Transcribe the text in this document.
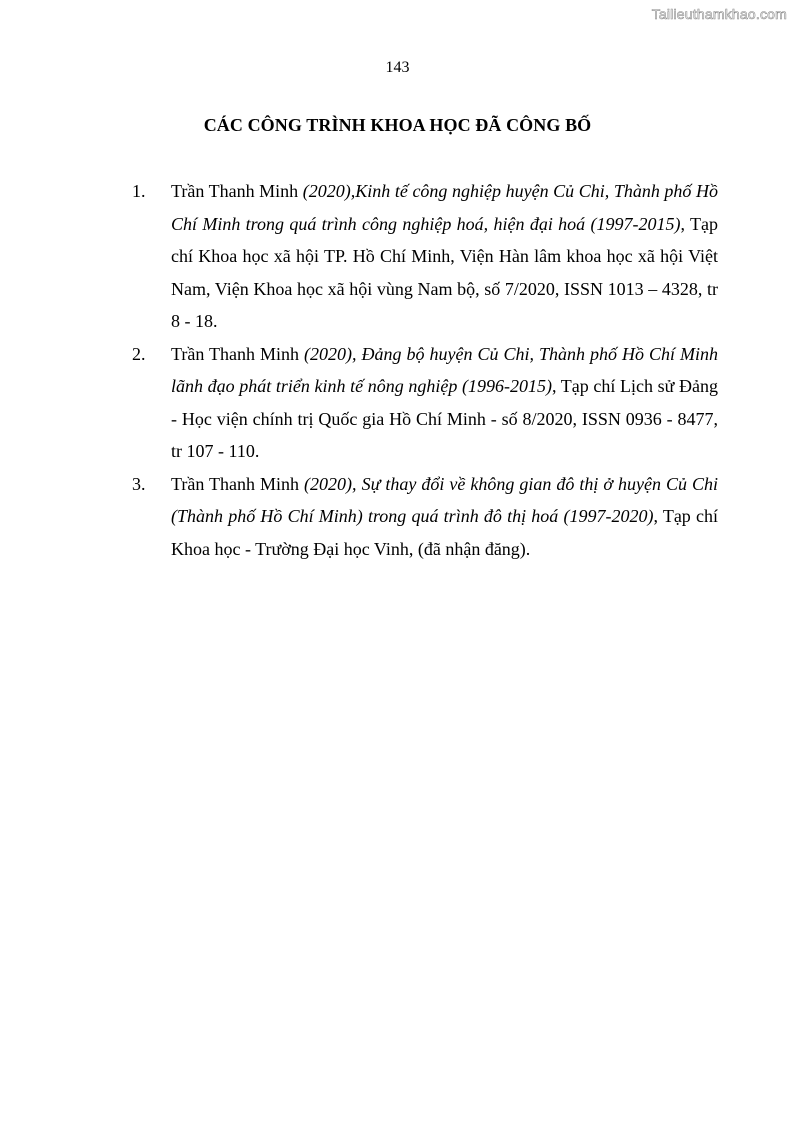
Tailieuthamkhao.com
143
CÁC CÔNG TRÌNH KHOA HỌC ĐÃ CÔNG BỐ
1. Trần Thanh Minh (2020),Kinh tế công nghiệp huyện Củ Chi, Thành phố Hồ Chí Minh trong quá trình công nghiệp hoá, hiện đại hoá (1997-2015), Tạp chí Khoa học xã hội TP. Hồ Chí Minh, Viện Hàn lâm khoa học xã hội Việt Nam, Viện Khoa học xã hội vùng Nam bộ, số 7/2020, ISSN 1013 – 4328, tr 8 - 18.
2. Trần Thanh Minh (2020), Đảng bộ huyện Củ Chi, Thành phố Hồ Chí Minh lãnh đạo phát triển kinh tế nông nghiệp (1996-2015), Tạp chí Lịch sử Đảng - Học viện chính trị Quốc gia Hồ Chí Minh - số 8/2020, ISSN 0936 - 8477, tr 107 - 110.
3. Trần Thanh Minh (2020), Sự thay đổi về không gian đô thị ở huyện Củ Chi (Thành phố Hồ Chí Minh) trong quá trình đô thị hoá (1997-2020), Tạp chí Khoa học - Trường Đại học Vinh, (đã nhận đăng).
